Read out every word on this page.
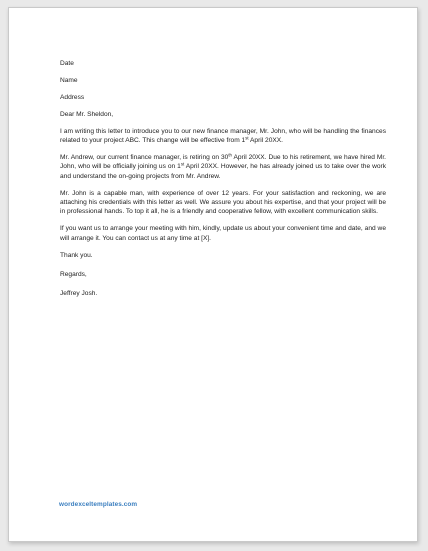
Date

Name

Address

Dear Mr. Sheldon,

I am writing this letter to introduce you to our new finance manager, Mr. John, who will be handling the finances related to your project ABC. This change will be effective from 1st April 20XX.

Mr. Andrew, our current finance manager, is retiring on 30th April 20XX. Due to his retirement, we have hired Mr. John, who will be officially joining us on 1st April 20XX. However, he has already joined us to take over the work and understand the on-going projects from Mr. Andrew.

Mr. John is a capable man, with experience of over 12 years. For your satisfaction and reckoning, we are attaching his credentials with this letter as well. We assure you about his expertise, and that your project will be in professional hands. To top it all, he is a friendly and cooperative fellow, with excellent communication skills.

If you want us to arrange your meeting with him, kindly, update us about your convenient time and date, and we will arrange it. You can contact us at any time at [X].

Thank you.

Regards,

Jeffrey Josh.

wordexceltemplates.com
